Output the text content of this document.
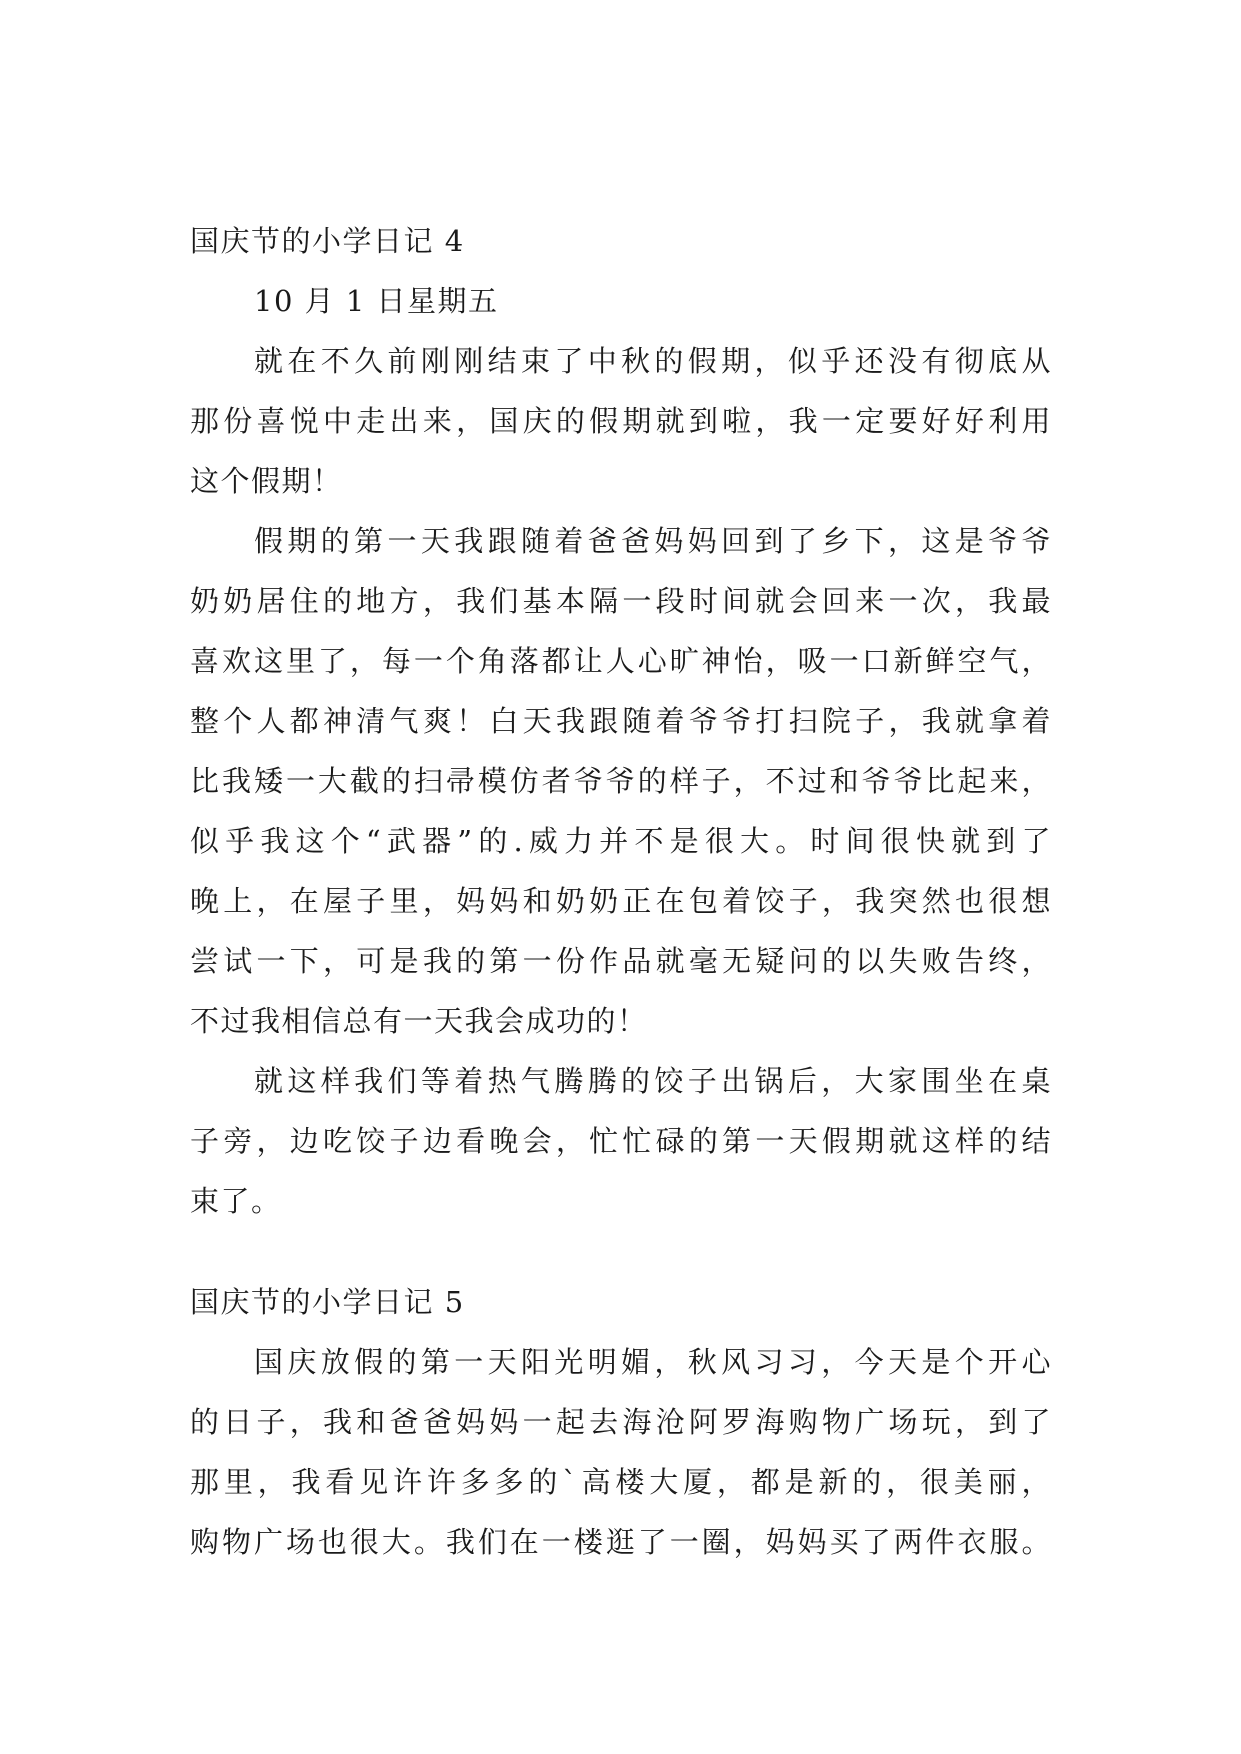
国庆节的小学日记 4
10 月 1 日星期五
就在不久前刚刚结束了中秋的假期，似乎还没有彻底从
那份喜悦中走出来，国庆的假期就到啦，我一定要好好利用
这个假期！
假期的第一天我跟随着爸爸妈妈回到了乡下，这是爷爷
奶奶居住的地方，我们基本隔一段时间就会回来一次，我最
喜欢这里了，每一个角落都让人心旷神怡，吸一口新鲜空气，
整个人都神清气爽！白天我跟随着爷爷打扫院子，我就拿着
比我矮一大截的扫帚模仿者爷爷的样子，不过和爷爷比起来，
似乎我这个“武器”的.威力并不是很大。时间很快就到了
晚上，在屋子里，妈妈和奶奶正在包着饺子，我突然也很想
尝试一下，可是我的第一份作品就毫无疑问的以失败告终，
不过我相信总有一天我会成功的！
就这样我们等着热气腾腾的饺子出锅后，大家围坐在桌
子旁，边吃饺子边看晚会，忙忙碌的第一天假期就这样的结
束了。
国庆节的小学日记 5
国庆放假的第一天阳光明媚，秋风习习，今天是个开心
的日子，我和爸爸妈妈一起去海沧阿罗海购物广场玩，到了
那里，我看见许许多多的`高楼大厦，都是新的，很美丽，
购物广场也很大。我们在一楼逛了一圈，妈妈买了两件衣服。
